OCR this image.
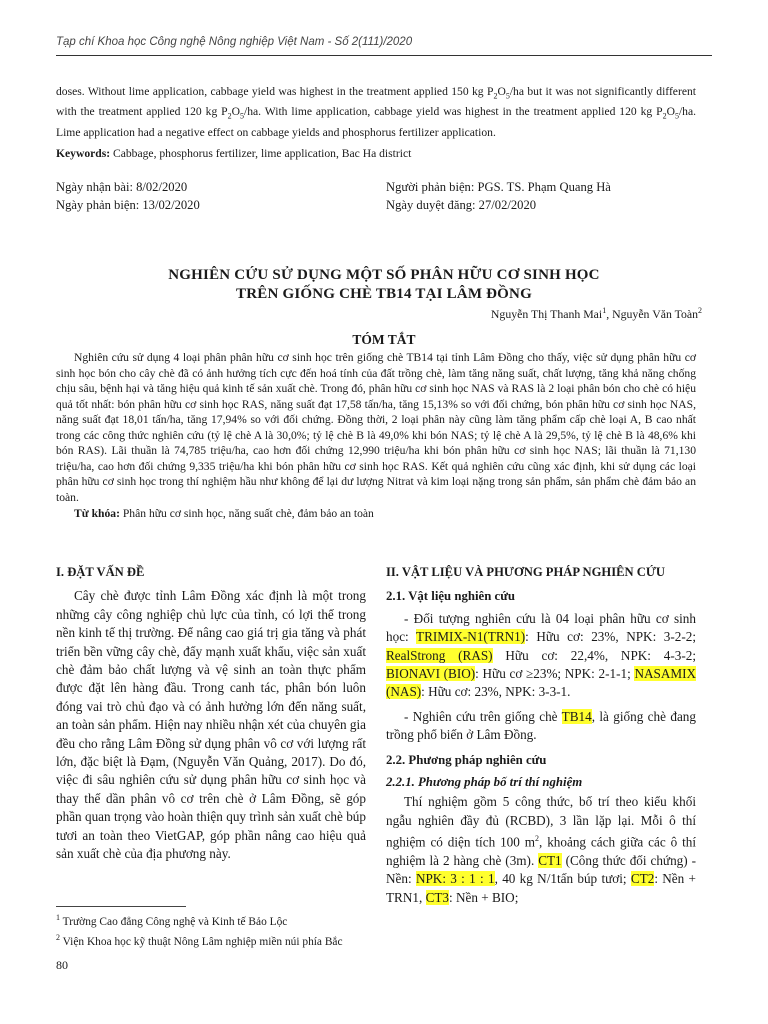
Tạp chí Khoa học Công nghệ Nông nghiệp Việt Nam - Số 2(111)/2020

doses. Without lime application, cabbage yield was highest in the treatment applied 150 kg $P_2O_5/ha$ but it was not significantly different with the treatment applied 120 kg $P_2O_5/ha$. With lime application, cabbage yield was highest in the treatment applied 120 kg $P_2O_5/ha$. Lime application had a negative effect on cabbage yields and phosphorus fertilizer application.

Keywords: Cabbage, phosphorus fertilizer, lime application, Bac Ha district

Ngày nhận bài: 8/02/2020
Ngày phản biện: 13/02/2020
Người phản biện: PGS. TS. Phạm Quang Hà
Ngày duyệt đăng: 27/02/2020
NGHIÊN CỨU SỬ DỤNG MỘT SỐ PHÂN HỮU CƠ SINH HỌC
TRÊN GIỐNG CHÈ TB14 TẠI LÂM ĐỒNG
Nguyễn Thị Thanh Mai$^1$, Nguyễn Văn Toàn$^2$
TÓM TẮT

Nghiên cứu sử dụng 4 loại phân phân hữu cơ sinh học trên giống chè TB14 tại tỉnh Lâm Đồng cho thấy, việc sử dụng phân hữu cơ sinh học bón cho cây chè đã có ảnh hưởng tích cực đến hoá tính của đất trồng chè, làm tăng năng suất, chất lượng, tăng khả năng chống chịu sâu, bệnh hại và tăng hiệu quả kinh tế sản xuất chè. Trong đó, phân hữu cơ sinh học NAS và RAS là 2 loại phân bón cho chè có hiệu quả tốt nhất: bón phân hữu cơ sinh học RAS, năng suất đạt 17,58 tấn/ha, tăng 15,13% so với đối chứng, bón phân hữu cơ sinh học NAS, năng suất đạt 18,01 tấn/ha, tăng 17,94% so với đối chứng. Đồng thời, 2 loại phân này cũng làm tăng phẩm cấp chè loại A, B cao nhất trong các công thức nghiên cứu (tỷ lệ chè A là 30,0%; tỷ lệ chè B là 49,0% khi bón NAS; tỷ lệ chè A là 29,5%, tỷ lệ chè B là 48,6% khi bón RAS). Lãi thuần là 74,785 triệu/ha, cao hơn đối chứng 12,990 triệu/ha khi bón phân hữu cơ sinh học NAS; lãi thuần là 71,130 triệu/ha, cao hơn đối chứng 9,335 triệu/ha khi bón phân hữu cơ sinh học RAS. Kết quả nghiên cứu cũng xác định, khi sử dụng các loại phân hữu cơ sinh học trong thí nghiệm hầu như không để lại dư lượng Nitrat và kim loại nặng trong sản phẩm, sản phẩm chè đảm bảo an toàn.

Từ khóa: Phân hữu cơ sinh học, năng suất chè, đảm bảo an toàn

I. ĐẶT VẤN ĐỀ

Cây chè được tỉnh Lâm Đồng xác định là một trong những cây công nghiệp chủ lực của tỉnh, có lợi thế trong nền kinh tế thị trường. Để nâng cao giá trị gia tăng và phát triển bền vững cây chè, đẩy mạnh xuất khẩu, việc sản xuất chè đảm bảo chất lượng và vệ sinh an toàn thực phẩm được đặt lên hàng đầu. Trong canh tác, phân bón luôn đóng vai trò chủ đạo và có ảnh hưởng lớn đến năng suất, an toàn sản phẩm. Hiện nay nhiều nhận xét của chuyên gia đều cho rằng Lâm Đồng sử dụng phân vô cơ với lượng rất lớn, đặc biệt là Đạm, (Nguyễn Văn Quảng, 2017). Do đó, việc đi sâu nghiên cứu sử dụng phân hữu cơ sinh học và thay thế dần phân vô cơ trên chè ở Lâm Đồng, sẽ góp phần quan trọng vào hoàn thiện quy trình sản xuất chè búp tươi an toàn theo VietGAP, góp phần nâng cao hiệu quả sản xuất chè của địa phương này.

II. VẬT LIỆU VÀ PHƯƠNG PHÁP NGHIÊN CỨU
2.1. Vật liệu nghiên cứu

- Đối tượng nghiên cứu là 04 loại phân hữu cơ sinh học: TRIMIX-N1(TRN1): Hữu cơ: 23%, NPK: 3-2-2; RealStrong (RAS) Hữu cơ: 22,4%, NPK: 4-3-2; BIONAVI (BIO): Hữu cơ ≥23%; NPK: 2-1-1; NASAMIX (NAS): Hữu cơ: 23%, NPK: 3-3-1.

- Nghiên cứu trên giống chè TB14, là giống chè đang trồng phổ biến ở Lâm Đồng.

2.2. Phương pháp nghiên cứu
2.2.1. Phương pháp bố trí thí nghiệm

Thí nghiệm gồm 5 công thức, bố trí theo kiểu khối ngẫu nghiên đầy đủ (RCBD), 3 lần lặp lại. Mỗi ô thí nghiệm có diện tích 100 $m^2$, khoảng cách giữa các ô thí nghiệm là 2 hàng chè (3m). CT1 (Công thức đối chứng) - Nền: NPK: 3 : 1 : 1, 40 kg N/1tấn búp tươi; CT2: Nền + TRN1, CT3: Nền + BIO;

$^1$ Trường Cao đẳng Công nghệ và Kinh tế Bảo Lộc
$^2$ Viện Khoa học kỹ thuật Nông Lâm nghiệp miền núi phía Bắc
80
